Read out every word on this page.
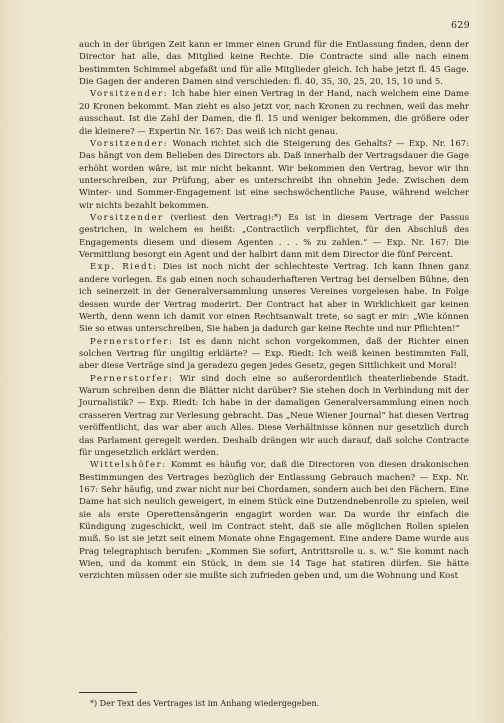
629

auch in der übrigen Zeit kann er immer einen Grund für die Entlassung finden, denn der Director hat alle, das Mitglied keine Rechte. Die Contracte sind alle nach einem bestimmten Schimmel abgefaßt und für alle Mitglieder gleich. Ich habe jetzt fl. 45 Gage. Die Gagen der anderen Damen sind verschieden: fl. 40, 35, 30, 25, 20, 15, 10 und 5.

Vorsitzender: Ich habe hier einen Vertrag in der Hand, nach welchem eine Dame 20 Kronen bekommt. Man zieht es also jetzt vor, nach Kronen zu rechnen, weil das mehr ausschaut. Ist die Zahl der Damen, die fl. 15 und weniger bekommen, die größere oder die kleinere? — Expertin Nr. 167: Das weiß ich nicht genau.

Vorsitzender: Wonach richtet sich die Steigerung des Gehalts? — Exp. Nr. 167: Das hängt von dem Belieben des Directors ab. Daß innerhalb der Vertragsdauer die Gage erhöht worden wäre, ist mir nicht bekannt. Wir bekommen den Vertrag, bevor wir ihn unterschreiben, zur Prüfung, aber es unterschreibt ihn ohnehin Jede. Zwischen dem Winter- und Sommer-Engagement ist eine sechswöchentliche Pause, während welcher wir nichts bezahlt bekommen.

Vorsitzender (verliest den Vertrag):*) Es ist in diesem Vertrage der Passus gestrichen, in welchem es heißt: „Contractlich verpflichtet, für den Abschluß des Engagements diesem und diesem Agenten . . . % zu zahlen.“ — Exp. Nr. 167: Die Vermittlung besorgt ein Agent und der halbirt dann mit dem Director die fünf Percent.

Exp. Riedt: Dies ist noch nicht der schlechteste Vertrag. Ich kann Ihnen ganz andere vorlegen. Es gab einen noch schauderhafteren Vertrag bei derselben Bühne, den ich seinerzeit in der Generalversammlung unseres Vereines vorgelesen habe. In Folge dessen wurde der Vertrag moderirt. Der Contract hat aber in Wirklichkeit gar keinen Werth, denn wenn ich damit vor einen Rechtsanwalt trete, so sagt er mir: „Wie können Sie so etwas unterschreiben, Sie haben ja dadurch gar keine Rechte und nur Pflichten!“

Pernerstorfer: Ist es dann nicht schon vorgekommen, daß der Richter einen solchen Vertrag für ungiltig erklärte? — Exp. Riedt: Ich weiß keinen bestimmten Fall, aber diese Verträge sind ja geradezu gegen jedes Gesetz, gegen Sittlichkeit und Moral!

Pernerstorfer: Wir sind doch eine so außerordentlich theaterliebende Stadt. Warum schreiben denn die Blätter nicht darüber? Sie stehen doch in Verbindung mit der Journalistik? — Exp. Riedt: Ich habe in der damaligen Generalversammlung einen noch crasseren Vertrag zur Verlesung gebracht. Das „Neue Wiener Journal“ hat diesen Vertrag veröffentlicht, das war aber auch Alles. Diese Verhältnisse können nur gesetzlich durch das Parlament geregelt werden. Deshalb drängen wir auch darauf, daß solche Contracte für ungesetzlich erklärt werden.

Wittelshöfer: Kommt es häufig vor, daß die Directoren von diesen drakonischen Bestimmungen des Vertrages bezüglich der Entlassung Gebrauch machen? — Exp. Nr. 167: Sehr häufig, und zwar nicht nur bei Chordamen, sondern auch bei den Fächern. Eine Dame hat sich neulich geweigert, in einem Stück eine Dutzendnebenrolle zu spielen, weil sie als erste Operettensängerin engagirt worden war. Da wurde ihr einfach die Kündigung zugeschickt, weil im Contract steht, daß sie alle möglichen Rollen spielen muß. So ist sie jetzt seit einem Monate ohne Engagement. Eine andere Dame wurde aus Prag telegraphisch berufen: „Kommen Sie sofort, Antrittsrolle u. s. w.“ Sie kommt nach Wien, und da kommt ein Stück, in dem sie 14 Tage hat statiren dürfen. Sie hätte verzichten müssen oder sie mußte sich zufrieden geben und, um die Wohnung und Kost

*) Der Text des Vertrages ist im Anhang wiedergegeben.
